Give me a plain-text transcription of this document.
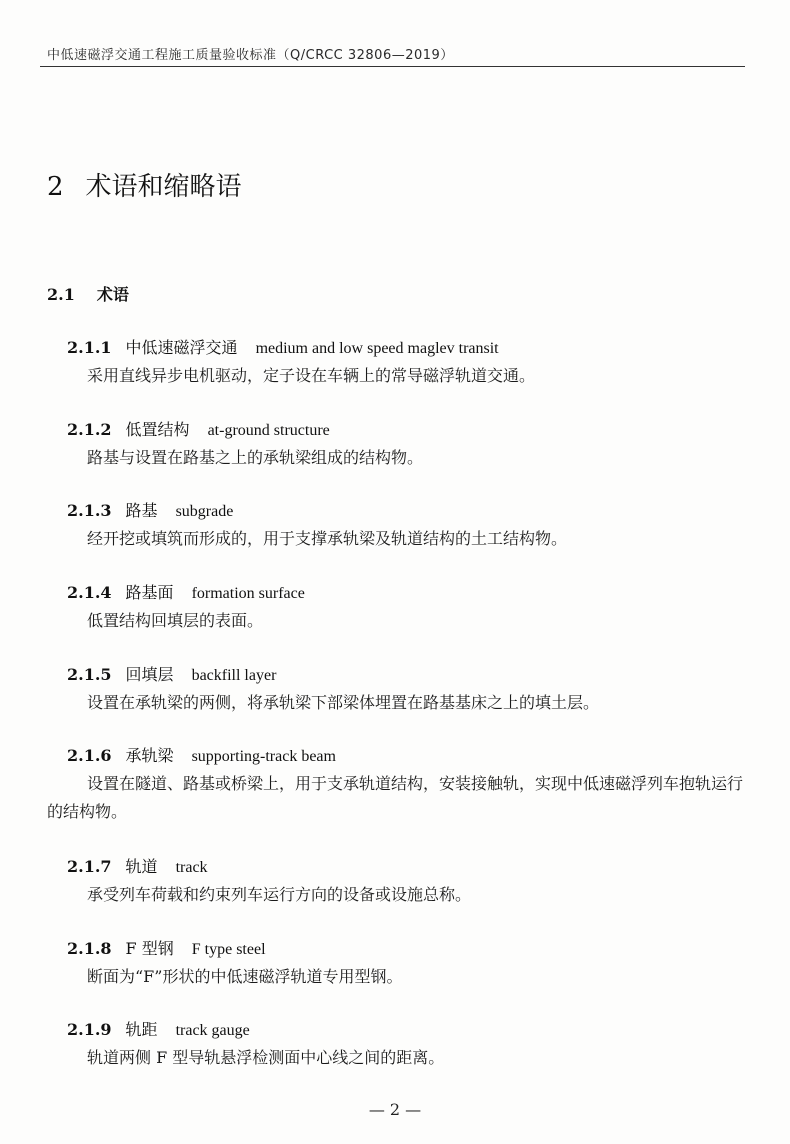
中低速磁浮交通工程施工质量验收标准（Q/CRCC 32806—2019）
2 术语和缩略语
2.1 术语
2.1.1 中低速磁浮交通 medium and low speed maglev transit
采用直线异步电机驱动，定子设在车辆上的常导磁浮轨道交通。
2.1.2 低置结构 at-ground structure
路基与设置在路基之上的承轨梁组成的结构物。
2.1.3 路基 subgrade
经开挖或填筑而形成的，用于支撑承轨梁及轨道结构的土工结构物。
2.1.4 路基面 formation surface
低置结构回填层的表面。
2.1.5 回填层 backfill layer
设置在承轨梁的两侧，将承轨梁下部梁体埋置在路基基床之上的填土层。
2.1.6 承轨梁 supporting-track beam
设置在隧道、路基或桥梁上，用于支承轨道结构，安装接触轨，实现中低速磁浮列车抱轨运行的结构物。
2.1.7 轨道 track
承受列车荷载和约束列车运行方向的设备或设施总称。
2.1.8 F 型钢 F type steel
断面为“F”形状的中低速磁浮轨道专用型钢。
2.1.9 轨距 track gauge
轨道两侧 F 型导轨悬浮检测面中心线之间的距离。
— 2 —
